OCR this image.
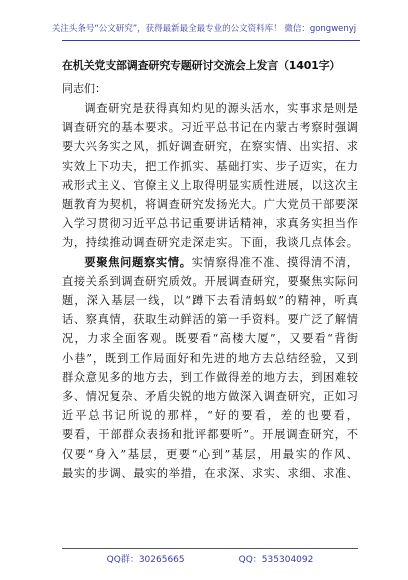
关注头条号“公文研究”，获得最新最全最专业的公文资料库！ 微信：gongwenyj
在机关党支部调查研究专题研讨交流会上发言（1401字）
同志们：
调查研究是获得真知灼见的源头活水，实事求是则是
调查研究的基本要求。习近平总书记在内蒙古考察时强调
要大兴务实之风，抓好调查研究，在察实情、出实招、求
实效上下功夫，把工作抓实、基础打实、步子迈实，在力
戒形式主义、官僚主义上取得明显实质性进展，以这次主
题教育为契机，将调查研究发扬光大。广大党员干部要深
入学习贯彻习近平总书记重要讲话精神，求真务实担当作
为，持续推动调查研究走深走实。下面，我谈几点体会。
要聚焦问题察实情。实情察得准不准、摸得清不清，
直接关系到调查研究质效。开展调查研究，要聚焦实际问
题，深入基层一线，以“蹲下去看清蚂蚁”的精神，听真
话、察真情，获取生动鲜活的第一手资料。要广泛了解情
况，力求全面客观。既要看“高楼大厦”，又要看“背街
小巷”，既到工作局面好和先进的地方去总结经验，又到
群众意见多的地方去，到工作做得差的地方去，到困难较
多、情况复杂、矛盾尖锐的地方做深入调查研究，正如习
近平总书记所说的那样，“好的要看，差的也要看，
要看，干部群众表扬和批评都要听”。开展调查研究，不
仅要“身入”基层，更要“心到”基层，用最实的作风、
最实的步调、最实的举措，在求深、求实、求细、求准、
QQ群：30265665	QQ：535304092
